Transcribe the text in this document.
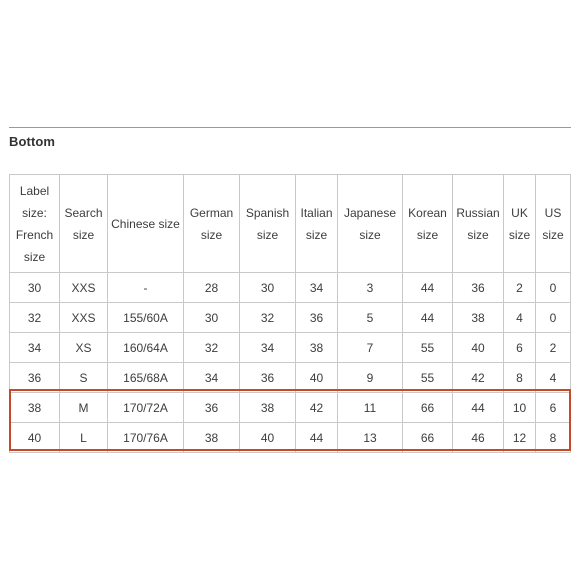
Bottom
Label size: French size	Search size	Chinese size	German size	Spanish size	Italian size	Japanese size	Korean size	Russian size	UK size	US size
30	XXS	-	28	30	34	3	44	36	2	0
32	XXS	155/60A	30	32	36	5	44	38	4	0
34	XS	160/64A	32	34	38	7	55	40	6	2
36	S	165/68A	34	36	40	9	55	42	8	4
38	M	170/72A	36	38	42	11	66	44	10	6
40	L	170/76A	38	40	44	13	66	46	12	8
